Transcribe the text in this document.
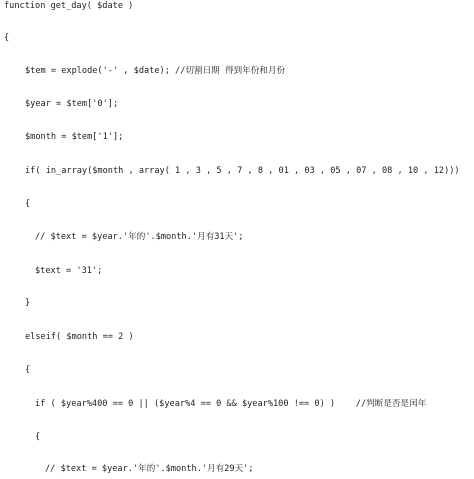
function get_day( $date )
{
$tem = explode('-' , $date); //切割日期 得到年份和月份
$year = $tem['0'];
$month = $tem['1'];
if( in_array($month , array( 1 , 3 , 5 , 7 , 8 , 01 , 03 , 05 , 07 , 08 , 10 , 12)))
{
// $text = $year.'年的'.$month.'月有31天';
$text = '31';
}
elseif( $month == 2 )
{
if ( $year%400 == 0 || ($year%4 == 0 && $year%100 !== 0) )    //判断是否是闰年
{
// $text = $year.'年的'.$month.'月有29天';
